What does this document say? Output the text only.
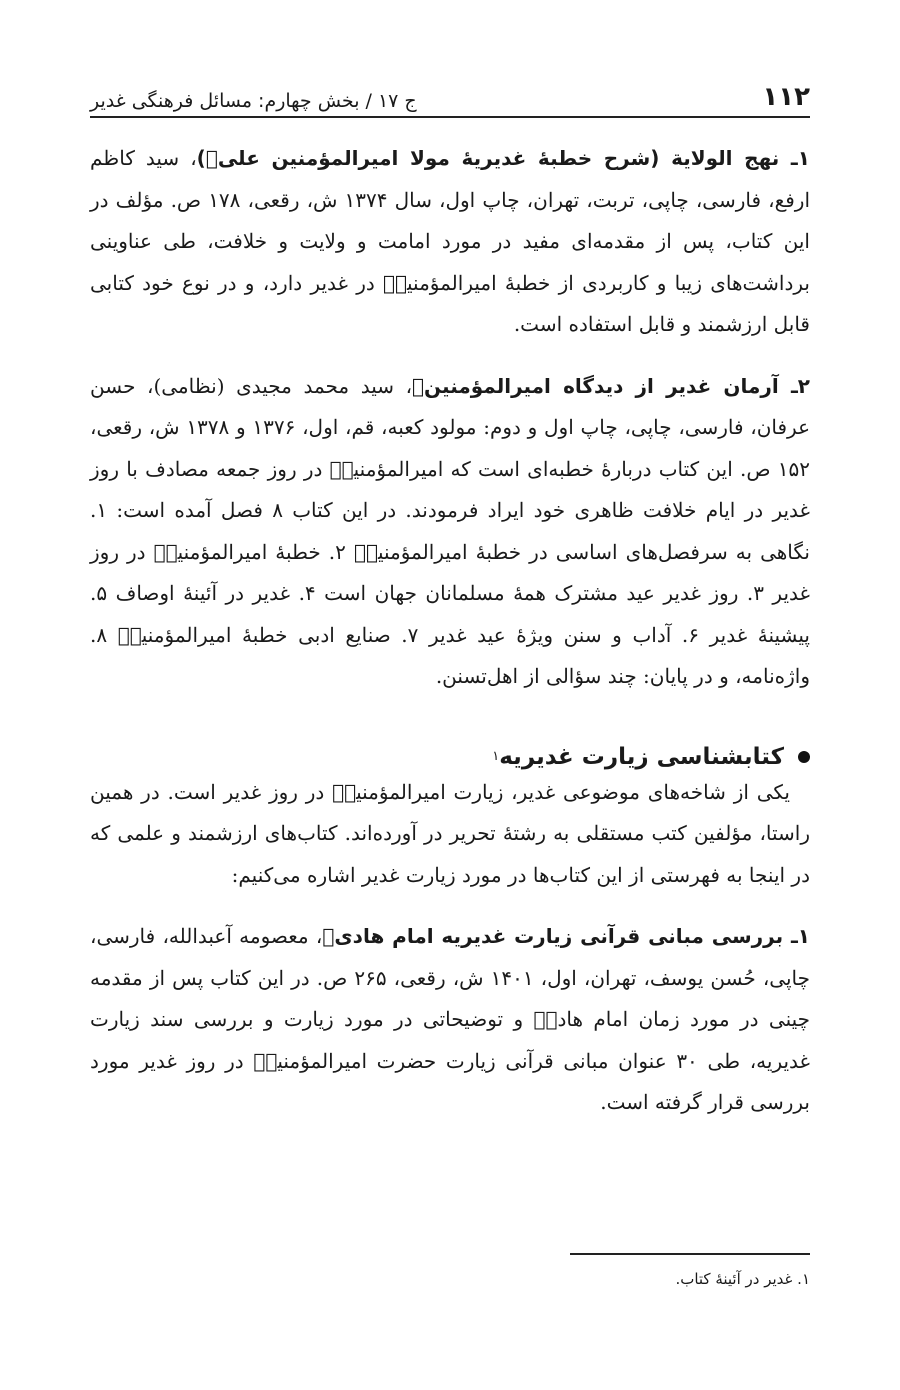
۱۱۲
ج ۱۷ / بخش چهارم: مسائل فرهنگی غدیر

۱ـ نهج الولایة (شرح خطبهٔ غدیریهٔ مولا امیرالمؤمنین علیؑ)، سید کاظم ارفع، فارسی، چاپی، تربت، تهران، چاپ اول، سال ۱۳۷۴ ش، رقعی، ۱۷۸ ص. مؤلف در این کتاب، پس از مقدمه‌ای مفید در مورد امامت و ولایت و خلافت، طی عناوینی برداشت‌های زیبا و کاربردی از خطبهٔ امیرالمؤمنینؑ در غدیر دارد، و در نوع خود کتابی قابل ارزشمند و قابل استفاده است.

۲ـ آرمان غدیر از دیدگاه امیرالمؤمنینؑ، سید محمد مجیدی (نظامی)، حسن عرفان، فارسی، چاپی، چاپ اول و دوم: مولود کعبه، قم، اول، ۱۳۷۶ و ۱۳۷۸ ش، رقعی، ۱۵۲ ص. این کتاب دربارهٔ خطبه‌ای است که امیرالمؤمنینؑ در روز جمعه مصادف با روز غدیر در ایام خلافت ظاهری خود ایراد فرمودند. در این کتاب ۸ فصل آمده است: ۱. نگاهی به سرفصل‌های اساسی در خطبهٔ امیرالمؤمنینؑ ۲. خطبهٔ امیرالمؤمنینؑ در روز غدیر ۳. روز غدیر عید مشترک همهٔ مسلمانان جهان است ۴. غدیر در آئینهٔ اوصاف ۵. پیشینهٔ غدیر ۶. آداب و سنن ویژهٔ عید غدیر ۷. صنایع ادبی خطبهٔ امیرالمؤمنینؑ ۸. واژه‌نامه، و در پایان: چند سؤالی از اهل‌تسنن.

کتابشناسی زیارت غدیریه
۱

یکی از شاخه‌های موضوعی غدیر، زیارت امیرالمؤمنینؑ در روز غدیر است. در همین راستا، مؤلفین کتب مستقلی به رشتهٔ تحریر در آورده‌اند. کتاب‌های ارزشمند و علمی که در اینجا به فهرستی از این کتاب‌ها در مورد زیارت غدیر اشاره می‌کنیم:

۱ـ بررسی مبانی قرآنی زیارت غدیریه امام هادیؑ، معصومه آعبدالله، فارسی، چاپی، حُسن یوسف، تهران، اول، ۱۴۰۱ ش، رقعی، ۲۶۵ ص. در این کتاب پس از مقدمه چینی در مورد زمان امام هادیؑ و توضیحاتی در مورد زیارت و بررسی سند زیارت غدیریه، طی ۳۰ عنوان مبانی قرآنی زیارت حضرت امیرالمؤمنینؑ در روز غدیر مورد بررسی قرار گرفته است.

۱. غدیر در آئینهٔ کتاب.
